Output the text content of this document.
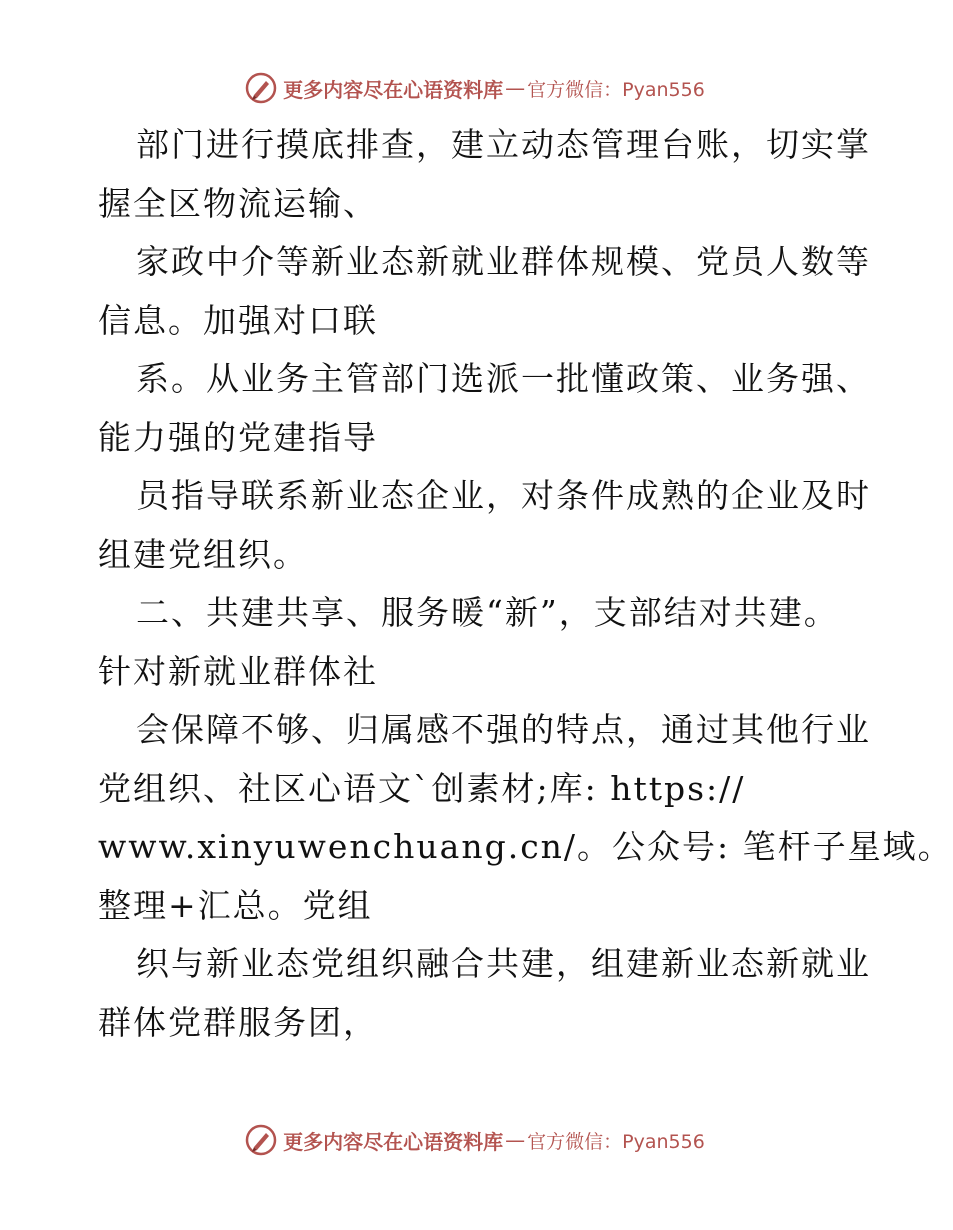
更多内容尽在心语资料库 — 官方微信：Pyan556
部门进行摸底排查，建立动态管理台账，切实掌
握全区物流运输、
家政中介等新业态新就业群体规模、党员人数等
信息。加强对口联
系。从业务主管部门选派一批懂政策、业务强、
能力强的党建指导
员指导联系新业态企业，对条件成熟的企业及时
组建党组织。
二、共建共享、服务暖“新”，支部结对共建。
针对新就业群体社
会保障不够、归属感不强的特点，通过其他行业
党组织、社区心语文`创素材;库: https://
www.xinyuwenchuang.cn/。公众号: 笔杆子星域。
整理+汇总。党组
织与新业态党组织融合共建，组建新业态新就业
群体党群服务团，
更多内容尽在心语资料库 — 官方微信：Pyan556
